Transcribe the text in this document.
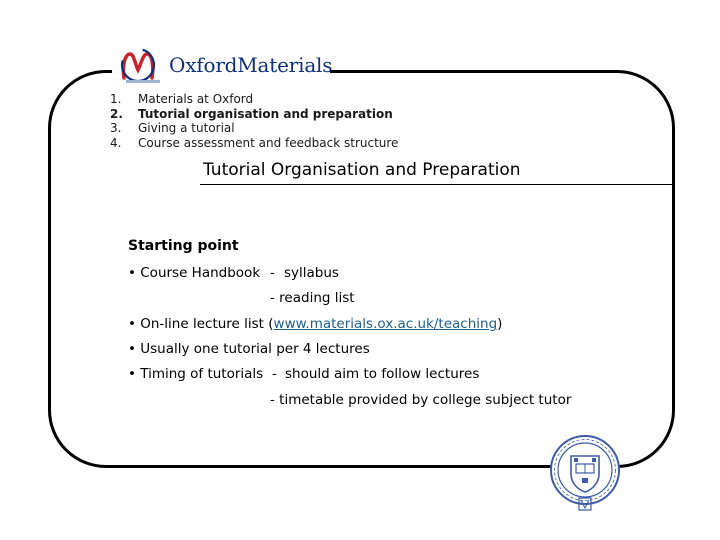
OxfordMaterials
1.	Materials at Oxford
2.	Tutorial organisation and preparation
3.	Giving a tutorial
4.	Course assessment and feedback structure
Tutorial Organisation and Preparation
Starting point
• Course Handbook - syllabus
- reading list
• On-line lecture list (www.materials.ox.ac.uk/teaching)
• Usually one tutorial per 4 lectures
• Timing of tutorials - should aim to follow lectures
- timetable provided by college subject tutor
